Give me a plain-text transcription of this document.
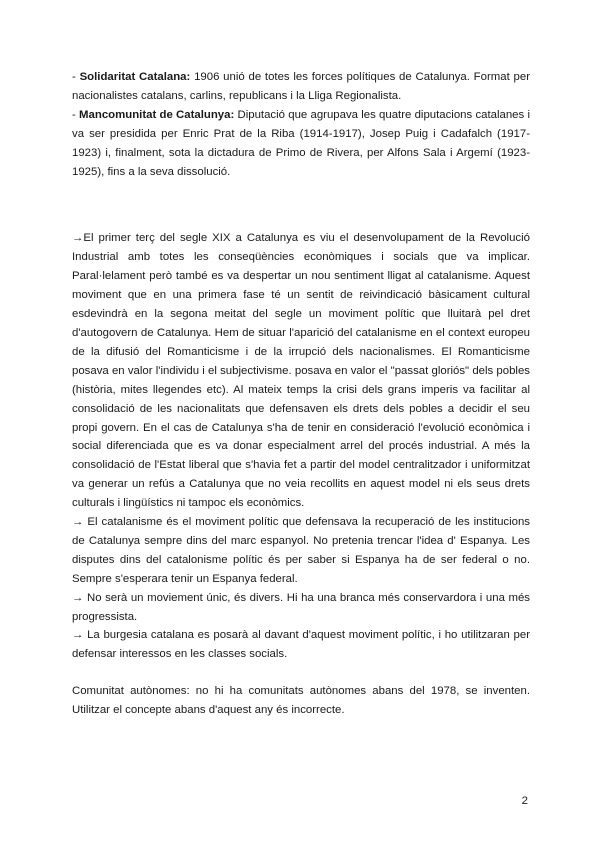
- Solidaritat Catalana: 1906 unió de totes les forces polítiques de Catalunya. Format per nacionalistes catalans, carlins, republicans i la Lliga Regionalista.

- Mancomunitat de Catalunya: Diputació que agrupava les quatre diputacions catalanes i va ser presidida per Enric Prat de la Riba (1914-1917), Josep Puig i Cadafalch (1917-1923) i, finalment, sota la dictadura de Primo de Rivera, per Alfons Sala i Argemí (1923-1925), fins a la seva dissolució.

→El primer terç del segle XIX a Catalunya es viu el desenvolupament de la Revolució Industrial amb totes les conseqüències econòmiques i socials que va implicar. Paral·lelament però també es va despertar un nou sentiment lligat al catalanisme. Aquest moviment que en una primera fase té un sentit de reivindicació bàsicament cultural esdevindrà en la segona meitat del segle un moviment polític que lluitarà pel dret d'autogovern de Catalunya. Hem de situar l'aparició del catalanisme en el context europeu de la difusió del Romanticisme i de la irrupció dels nacionalismes. El Romanticisme posava en valor l'individu i el subjectivisme. posava en valor el "passat gloriós" dels pobles (història, mites llegendes etc). Al mateix temps la crisi dels grans imperis va facilitar al consolidació de les nacionalitats que defensaven els drets dels pobles a decidir el seu propi govern. En el cas de Catalunya s'ha de tenir en consideració l'evolució econòmica i social diferenciada que es va donar especialment arrel del procés industrial. A més la consolidació de l'Estat liberal que s'havia fet a partir del model centralitzador i uniformitzat va generar un refús a Catalunya que no veia recollits en aquest model ni els seus drets culturals i lingüístics ni tampoc els econòmics.

→ El catalanisme és el moviment polític que defensava la recuperació de les institucions de Catalunya sempre dins del marc espanyol. No pretenia trencar l'idea d' Espanya. Les disputes dins del catalonisme polític és per saber si Espanya ha de ser federal o no. Sempre s'esperara tenir un Espanya federal.

→ No serà un moviement únic, és divers. Hi ha una branca més conservardora i una més progressista.

→ La burgesia catalana es posarà al davant d'aquest moviment polític, i ho utilitzaran per defensar interessos en les classes socials.

Comunitat autònomes: no hi ha comunitats autònomes abans del 1978, se inventen. Utilitzar el concepte abans d'aquest any és incorrecte.

2
